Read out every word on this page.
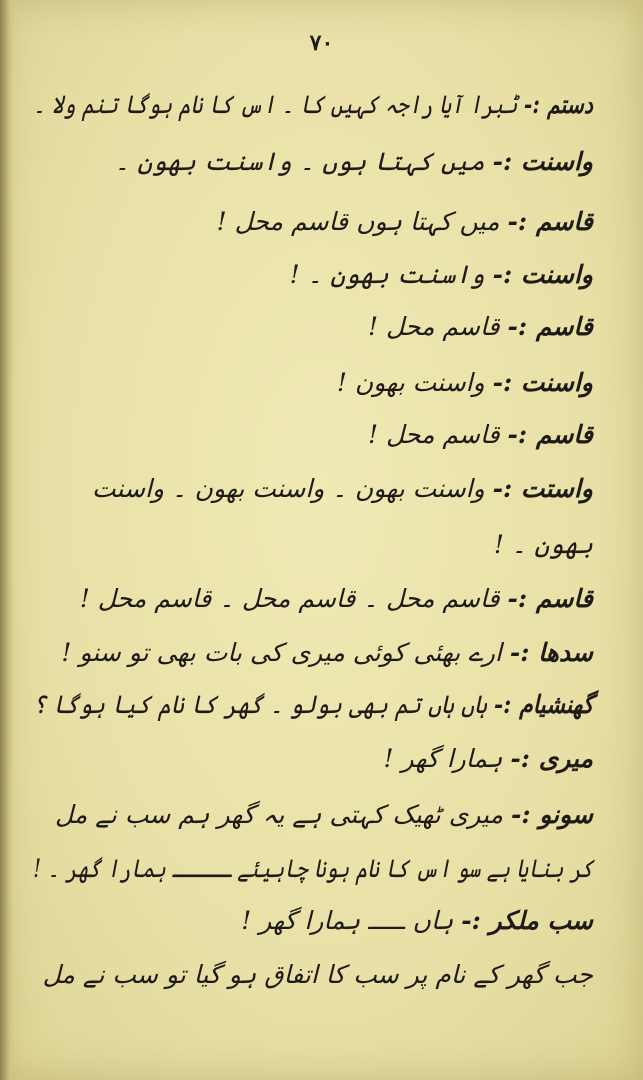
۷۰
دستم :- ٹبرا آیا راجہ کہیں کا ۔ اس کا نام ہوگا تنم ولا ۔
واسنت :- میں کہتا ہوں ۔ واسنت بھون ۔
قاسم :- میں کہتا ہوں قاسم محل !
واسنت :- واسنت بھون ۔ !
قاسم :- قاسم محل !
واسنت :- واسنت بھون !
قاسم :- قاسم محل !
واستت :- واسنت بھون ۔ واسنت بھون ۔ واسنت
بھون ۔ !
قاسم :- قاسم محل ۔ قاسم محل ۔ قاسم محل !
سدھا :- ارے بھئی کوئی میری کی بات بھی تو سنو !
گھنشیام :- ہاں ہاں تم بھی بولو ۔ گھر کا نام کیا ہوگا ؟
میری :- ہمارا گھر !
سونو :- میری ٹھیک کہتی ہے یہ گھر ہم سب نے مل
کر بنایا ہے سو اس کا نام ہونا چاہیئے ـــــ ہمارا گھر ۔ !
سب ملکر :- ہاں ـــــ ہمارا گھر !
جب گھر کے نام پر سب کا اتفاق ہو گیا تو سب نے مل
